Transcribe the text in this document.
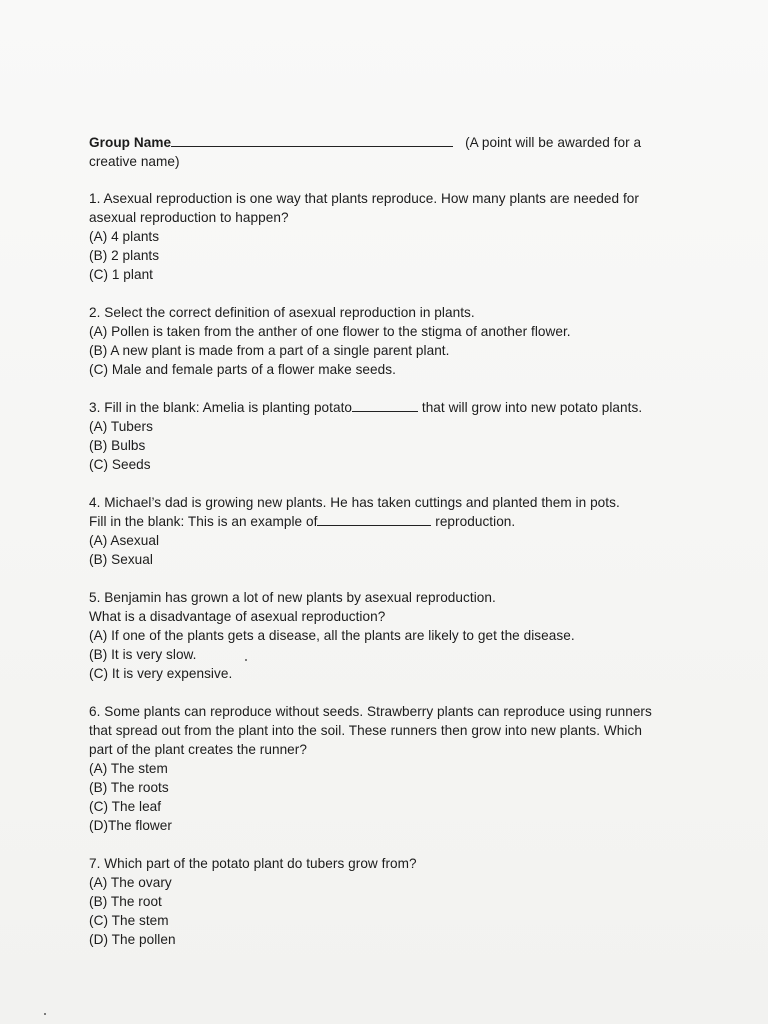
Group Name	(A point will be awarded for a
creative name)

1. Asexual reproduction is one way that plants reproduce. How many plants are needed for

asexual reproduction to happen?

(A) 4 plants

(B) 2 plants

(C) 1 plant

2. Select the correct definition of asexual reproduction in plants.

(A) Pollen is taken from the anther of one flower to the stigma of another flower.

(B) A new plant is made from a part of a single parent plant.

(C) Male and female parts of a flower make seeds.

3. Fill in the blank: Amelia is planting potato	that will grow into new potato plants.

(A) Tubers

(B) Bulbs

(C) Seeds

4. Michael’s dad is growing new plants. He has taken cuttings and planted them in pots.

Fill in the blank: This is an example of	reproduction.

(A) Asexual

(B) Sexual

5. Benjamin has grown a lot of new plants by asexual reproduction.

What is a disadvantage of asexual reproduction?

(A) If one of the plants gets a disease, all the plants are likely to get the disease.

(B) It is very slow.

(C) It is very expensive.

6. Some plants can reproduce without seeds. Strawberry plants can reproduce using runners

that spread out from the plant into the soil. These runners then grow into new plants. Which

part of the plant creates the runner?

(A) The stem

(B) The roots

(C) The leaf

(D)The flower

7. Which part of the potato plant do tubers grow from?

(A) The ovary

(B) The root

(C) The stem

(D) The pollen
